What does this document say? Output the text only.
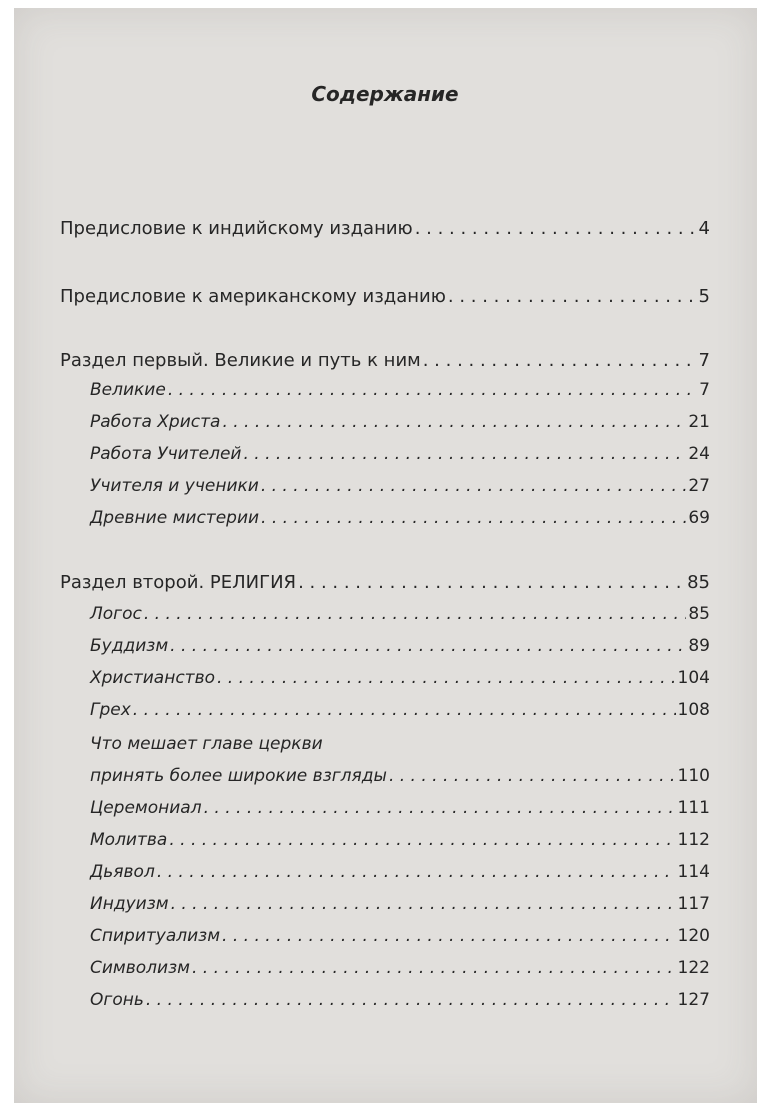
Содержание
Предисловие к индийскому изданию . . .	4
Предисловие к американскому изданию . . .	5
Раздел первый. Великие и путь к ним . . .	7
Великие . . .	7
Работа Христа . . .	21
Работа Учителей . . .	24
Учителя и ученики . . .	27
Древние мистерии . . .	69
Раздел второй. РЕЛИГИЯ . . .	85
Логос . . .	85
Буддизм . . .	89
Христианство . . .	104
Грех . . .	108
Что мешает главе церкви
принять более широкие взгляды . . .	110
Церемониал . . .	111
Молитва . . .	112
Дьявол . . .	114
Индуизм . . .	117
Спиритуализм . . .	120
Символизм . . .	122
Огонь . . .	127
